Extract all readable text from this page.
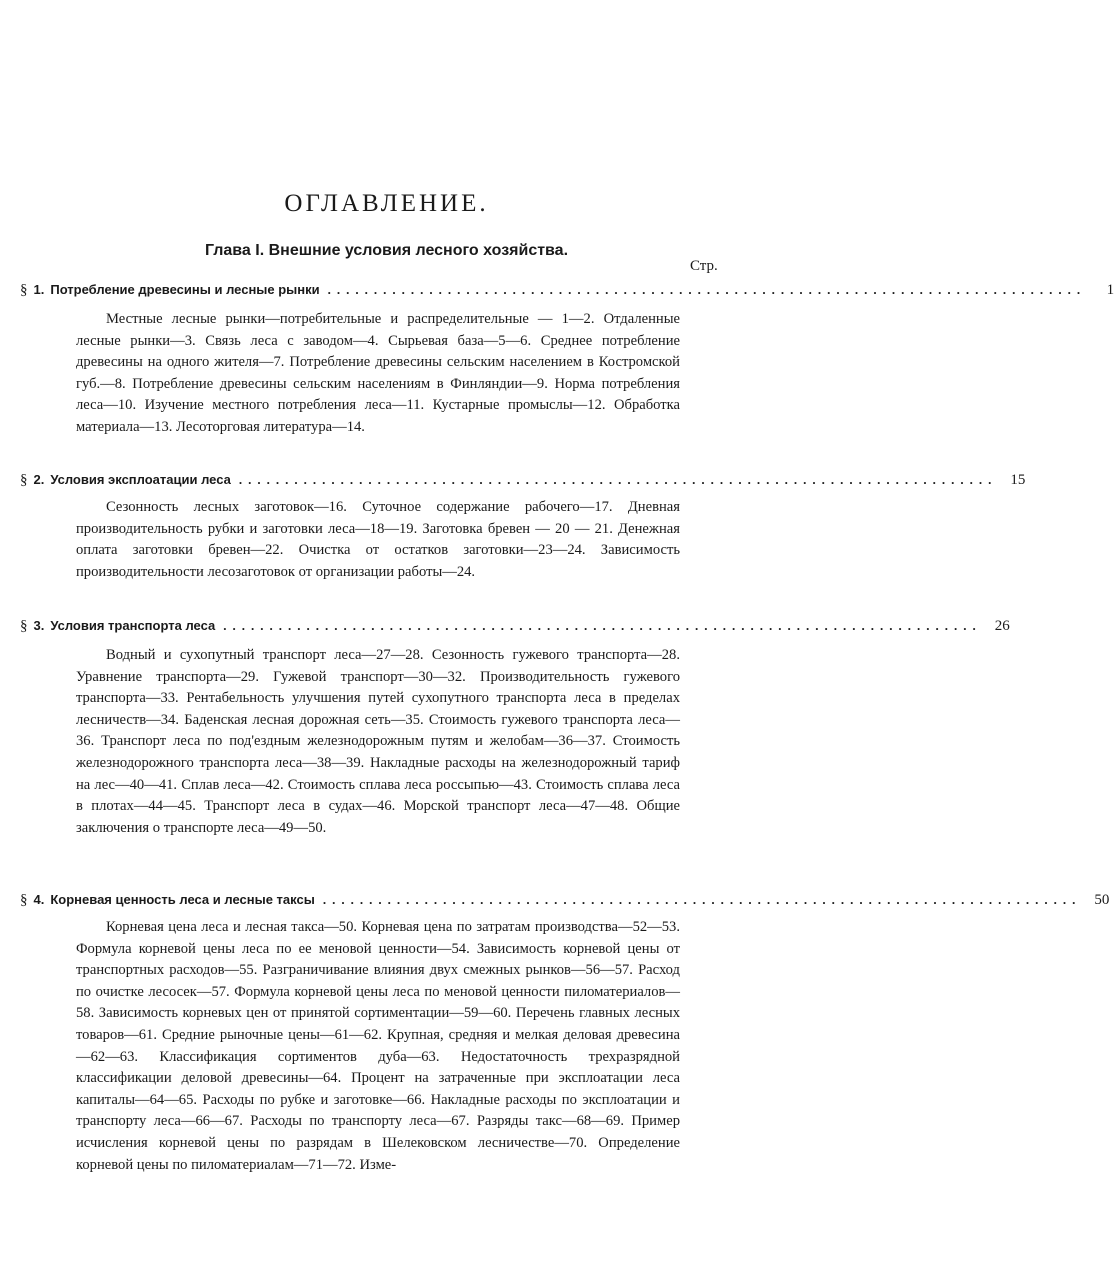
ОГЛАВЛЕНИЕ.
Глава I. Внешние условия лесного хозяйства.
Стр.
§ 1. Потребление древесины и лесные рынки ..................................................................................	1

Местные лесные рынки—потребительные и распределительные — 1—2. Отдаленные лесные рынки—3. Связь леса с заводом—4. Сырьевая база—5—6. Среднее потребление древесины на одного жителя—7. Потребление древесины сельским населением в Костромской губ.—8. Потребление древесины сельским населениям в Финляндии—9. Норма потребления леса—10. Изучение местного потребления леса—11. Кустарные промыслы—12. Обработка материала—13. Лесоторговая литература—14.

§ 2. Условия эксплоатации леса .................................................................................. 15

Сезонность лесных заготовок—16. Суточное содержание рабочего—17. Дневная производительность рубки и заготовки леса—18—19. Заготовка бревен — 20 — 21. Денежная оплата заготовки бревен—22. Очистка от остатков заготовки—23—24. Зависимость производительности лесозаготовок от организации работы—24.

§ 3. Условия транспорта леса .................................................................................. 26

Водный и сухопутный транспорт леса—27—28. Сезонность гужевого транспорта—28. Уравнение транспорта—29. Гужевой транспорт—30—32. Производительность гужевого транспорта—33. Рентабельность улучшения путей сухопутного транспорта леса в пределах лесничеств—34. Баденская лесная дорожная сеть—35. Стоимость гужевого транспорта леса—36. Транспорт леса по под'ездным железнодорожным путям и желобам—36—37. Стоимость железнодорожного транспорта леса—38—39. Накладные расходы на железнодорожный тариф на лес—40—41. Сплав леса—42. Стоимость сплава леса россыпью—43. Стоимость сплава леса в плотах—44—45. Транспорт леса в судах—46. Морской транспорт леса—47—48. Общие заключения о транспорте леса—49—50.

§ 4. Корневая ценность леса и лесные таксы .................................................................................. 50

Корневая цена леса и лесная такса—50. Корневая цена по затратам производства—52—53. Формула корневой цены леса по ее меновой ценности—54. Зависимость корневой цены от транспортных расходов—55. Разграничивание влияния двух смежных рынков—56—57. Расход по очистке лесосек—57. Формула корневой цены леса по меновой ценности пиломатериалов—58. Зависимость корневых цен от принятой сортиментации—59—60. Перечень главных лесных товаров—61. Средние рыночные цены—61—62. Крупная, средняя и мелкая деловая древесина—62—63. Классификация сортиментов дуба—63. Недостаточность трехразрядной классификации деловой древесины—64. Процент на затраченные при эксплоатации леса капиталы—64—65. Расходы по рубке и заготовке—66. Накладные расходы по эксплоатации и транспорту леса—66—67. Расходы по транспорту леса—67. Разряды такс—68—69. Пример исчисления корневой цены по разрядам в Шелековском лесничестве—70. Определение корневой цены по пиломатериалам—71—72. Изме-
